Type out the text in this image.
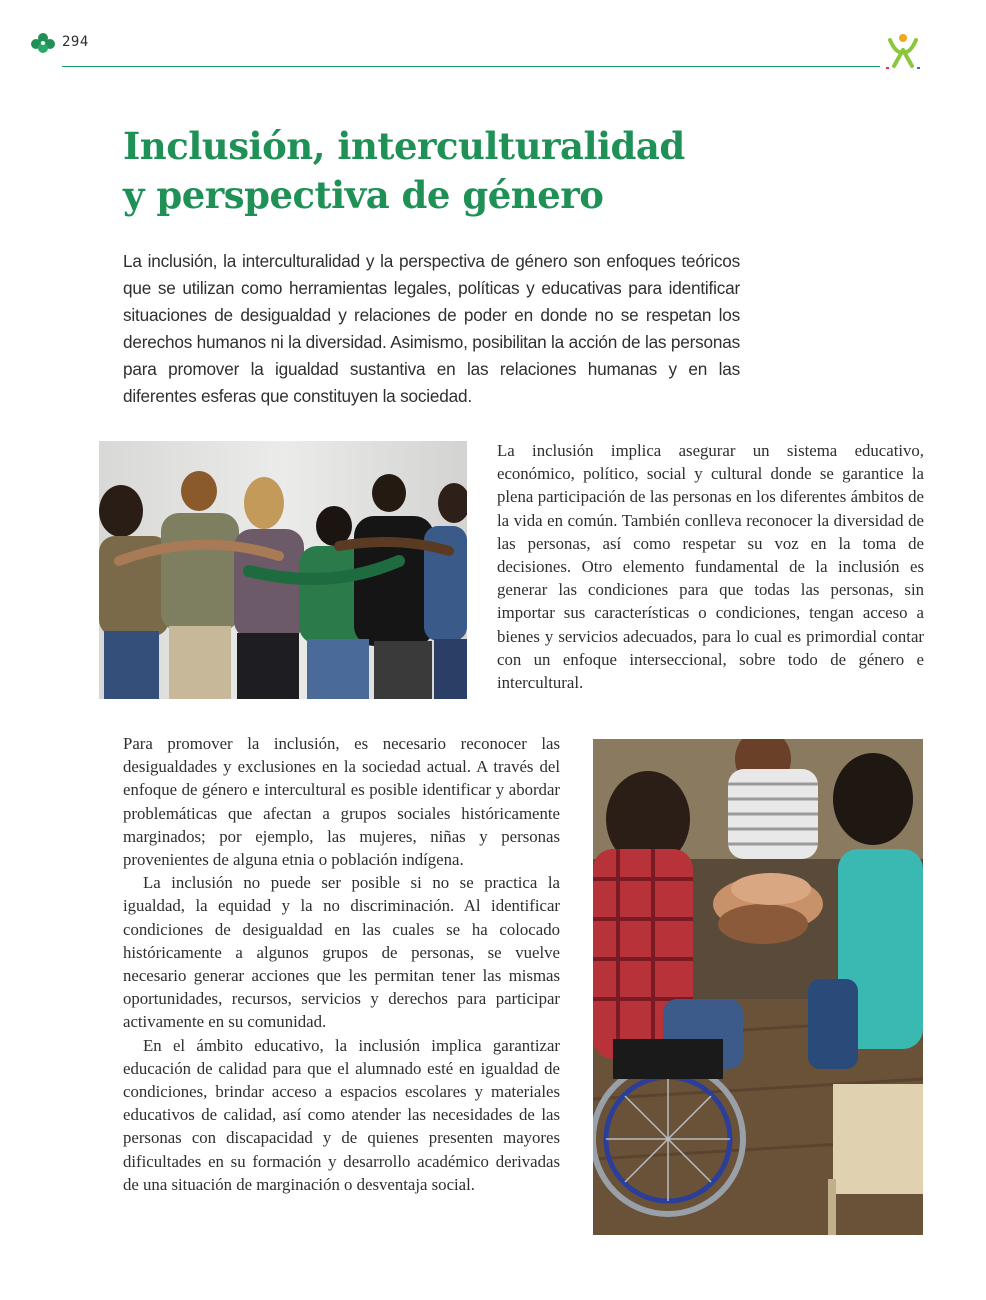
294
Inclusión, interculturalidad
y perspectiva de género

La inclusión, la interculturalidad y la perspectiva de género son enfoques teóricos que se utilizan como herramientas legales, políticas y educativas para identificar situaciones de desigualdad y relaciones de poder en donde no se respetan los derechos humanos ni la diversidad. Asimismo, posibilitan la acción de las personas para promover la igualdad sustantiva en las relaciones humanas y en las diferentes esferas que constituyen la sociedad.

La inclusión implica asegurar un sistema educativo, económico, político, social y cultural donde se garantice la plena participación de las personas en los diferentes ámbitos de la vida en común. También conlleva reconocer la diversidad de las personas, así como respetar su voz en la toma de decisiones. Otro elemento fundamental de la inclusión es generar las condiciones para que todas las personas, sin importar sus características o condiciones, tengan acceso a bienes y servicios adecuados, para lo cual es primordial contar con un enfoque interseccional, sobre todo de género e intercultural.

Para promover la inclusión, es necesario reconocer las desigualdades y exclusiones en la sociedad actual. A través del enfoque de género e intercultural es posible identificar y abordar problemáticas que afectan a grupos sociales históricamente marginados; por ejemplo, las mujeres, niñas y personas provenientes de alguna etnia o población indígena.

La inclusión no puede ser posible si no se practica la igualdad, la equidad y la no discriminación. Al identificar condiciones de desigualdad en las cuales se ha colocado históricamente a algunos grupos de personas, se vuelve necesario generar acciones que les permitan tener las mismas oportunidades, recursos, servicios y derechos para participar activamente en su comunidad.

En el ámbito educativo, la inclusión implica garantizar educación de calidad para que el alumnado esté en igualdad de condiciones, brindar acceso a espacios escolares y materiales educativos de calidad, así como atender las necesidades de las personas con discapacidad y de quienes presenten mayores dificultades en su formación y desarrollo académico derivadas de una situación de marginación o desventaja social.
